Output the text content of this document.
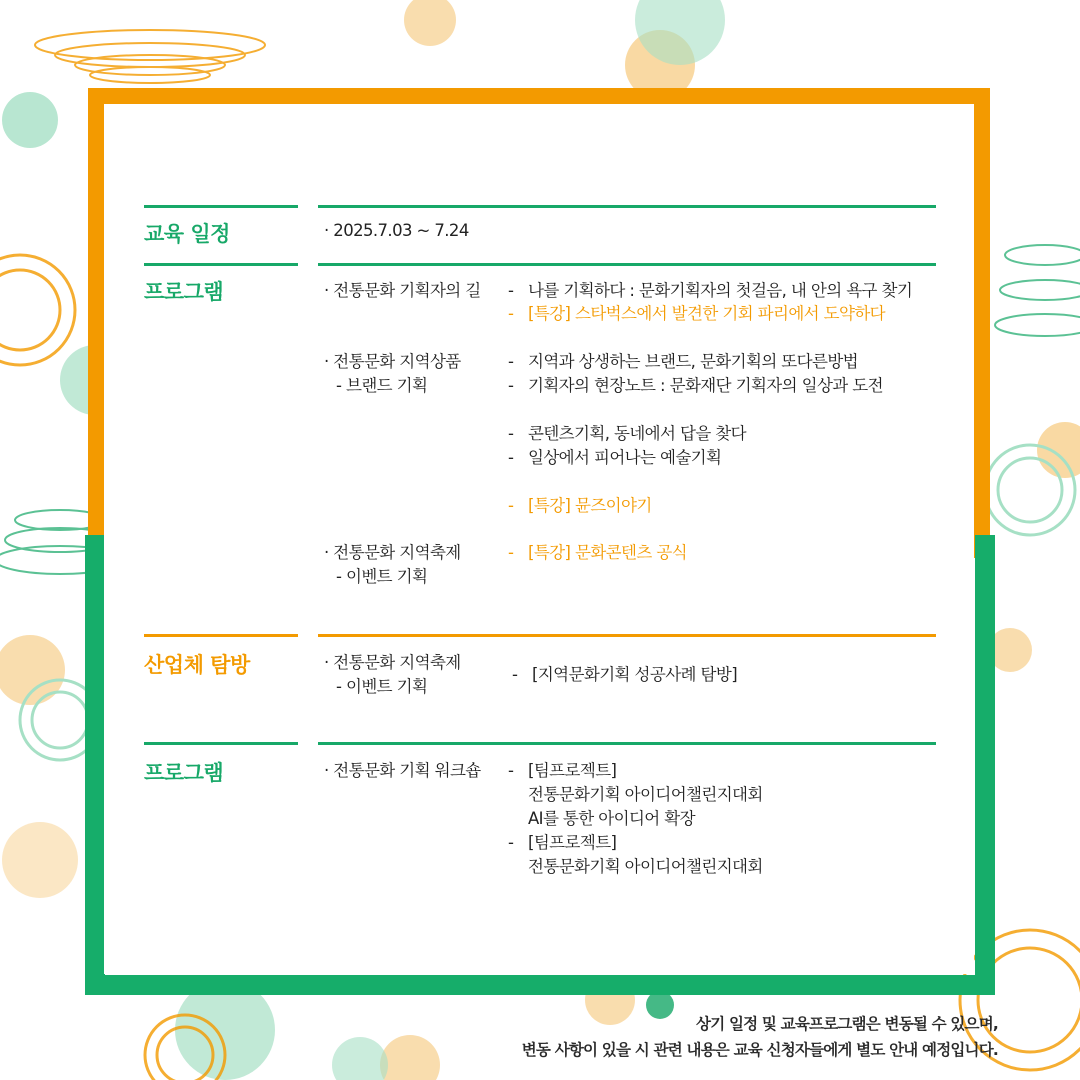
교육 일정	· 2025.7.03 ~ 7.24
프로그램	· 전통문화 기획자의 길 - 나를 기획하다 : 문화기획자의 첫걸음, 내 안의 욕구 찾기
- [특강] 스타벅스에서 발견한 기회 파리에서 도약하다
· 전통문화 지역상품
- 브랜드 기획
- 지역과 상생하는 브랜드, 문화기획의 또다른방법
- 기획자의 현장노트 : 문화재단 기획자의 일상과 도전
- 콘텐츠기획, 동네에서 답을 찾다
- 일상에서 피어나는 예술기획
- [특강] 뮨즈이야기
· 전통문화 지역축제
- 이벤트 기획
- [특강] 문화콘텐츠 공식
산업체 탐방	· 전통문화 지역축제
- 이벤트 기획
- [지역문화기획 성공사례 탐방]
프로그램	· 전통문화 기획 워크숍 - [팀프로젝트]
전통문화기획 아이디어챌린지대회
AI를 통한 아이디어 확장
- [팀프로젝트]
전통문화기획 아이디어챌린지대회
상기 일정 및 교육프로그램은 변동될 수 있으며,
변동 사항이 있을 시 관련 내용은 교육 신청자들에게 별도 안내 예정입니다.
